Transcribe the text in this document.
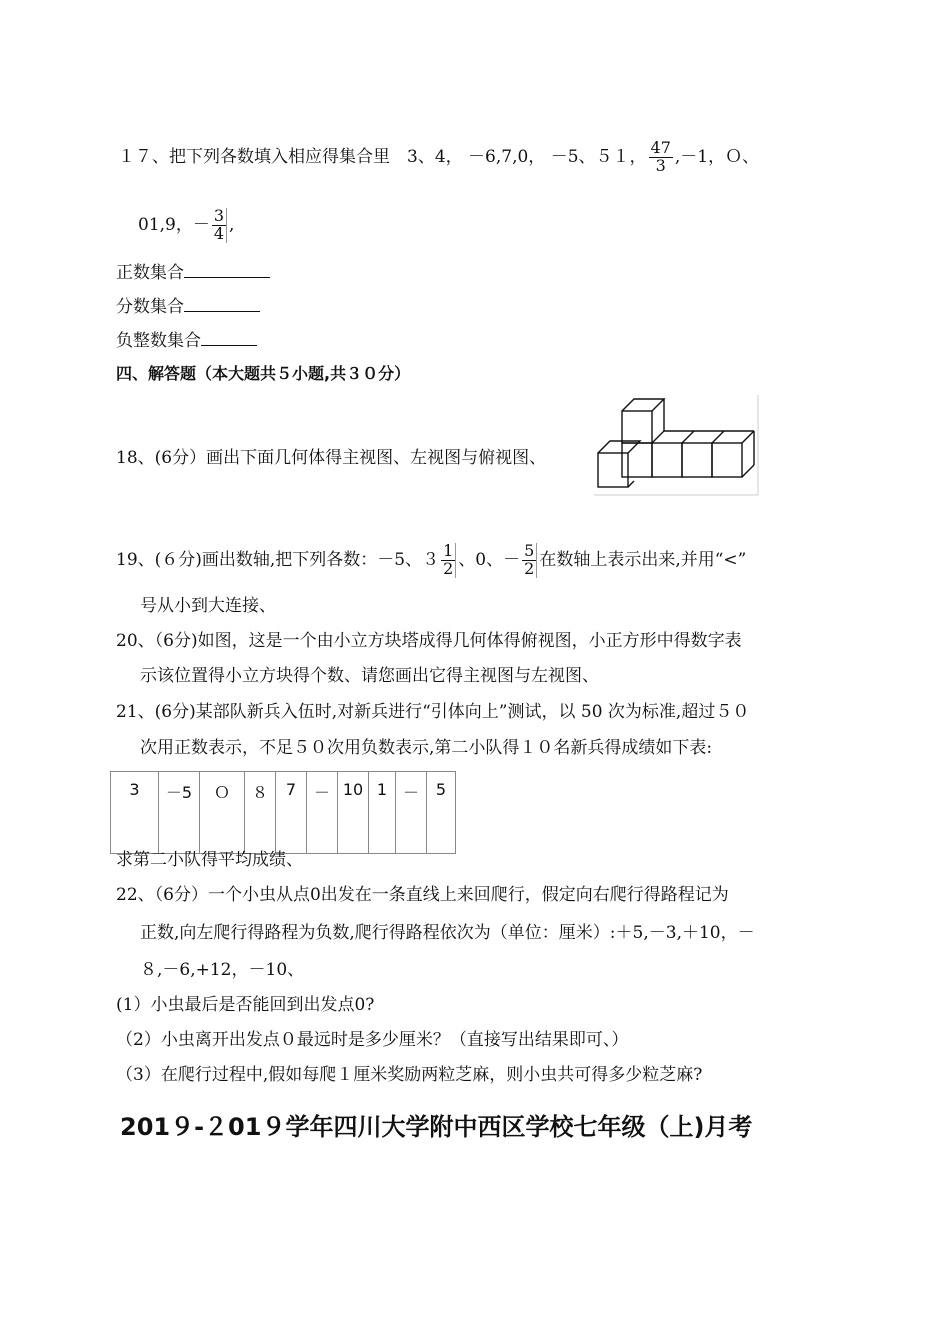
１７、把下列各数填入相应得集合里　3、4， －6,7,0， －5、５１， $\frac{47}{3} ,-1$，Ｏ、
01,9，－ $\frac{3}{4}$ ,
正数集合
分数集合
负整数集合
四、解答题（本大题共５小题,共３０分）
18、(6分）画出下面几何体得主视图、左视图与俯视图、
19、(６分)画出数轴,把下列各数：－5、$3 \frac{1}{2}$ 、0、－ $\frac{5}{2}$ 在数轴上表示出来,并用“<”
号从小到大连接、
20、（6分)如图，这是一个由小立方块塔成得几何体得俯视图，小正方形中得数字表
示该位置得小立方块得个数、请您画出它得主视图与左视图、
21、(6分)某部队新兵入伍时,对新兵进行“引体向上”测试，以 50 次为标准,超过５０
次用正数表示，不足５０次用负数表示,第二小队得１０名新兵得成绩如下表:
3	－5	Ｏ	８	7	－	10	1	－	5
求第二小队得平均成绩、
22、（6分）一个小虫从点0出发在一条直线上来回爬行，假定向右爬行得路程记为
正数,向左爬行得路程为负数,爬行得路程依次为（单位：厘米）:＋5,－3,＋10，－
８,－6,+12，－10、
(1）小虫最后是否能回到出发点0?
（2）小虫离开出发点０最远时是多少厘米？（直接写出结果即可、）
（3）在爬行过程中,假如每爬１厘米奖励两粒芝麻，则小虫共可得多少粒芝麻?
201９-２01９学年四川大学附中西区学校七年级（上)月考
